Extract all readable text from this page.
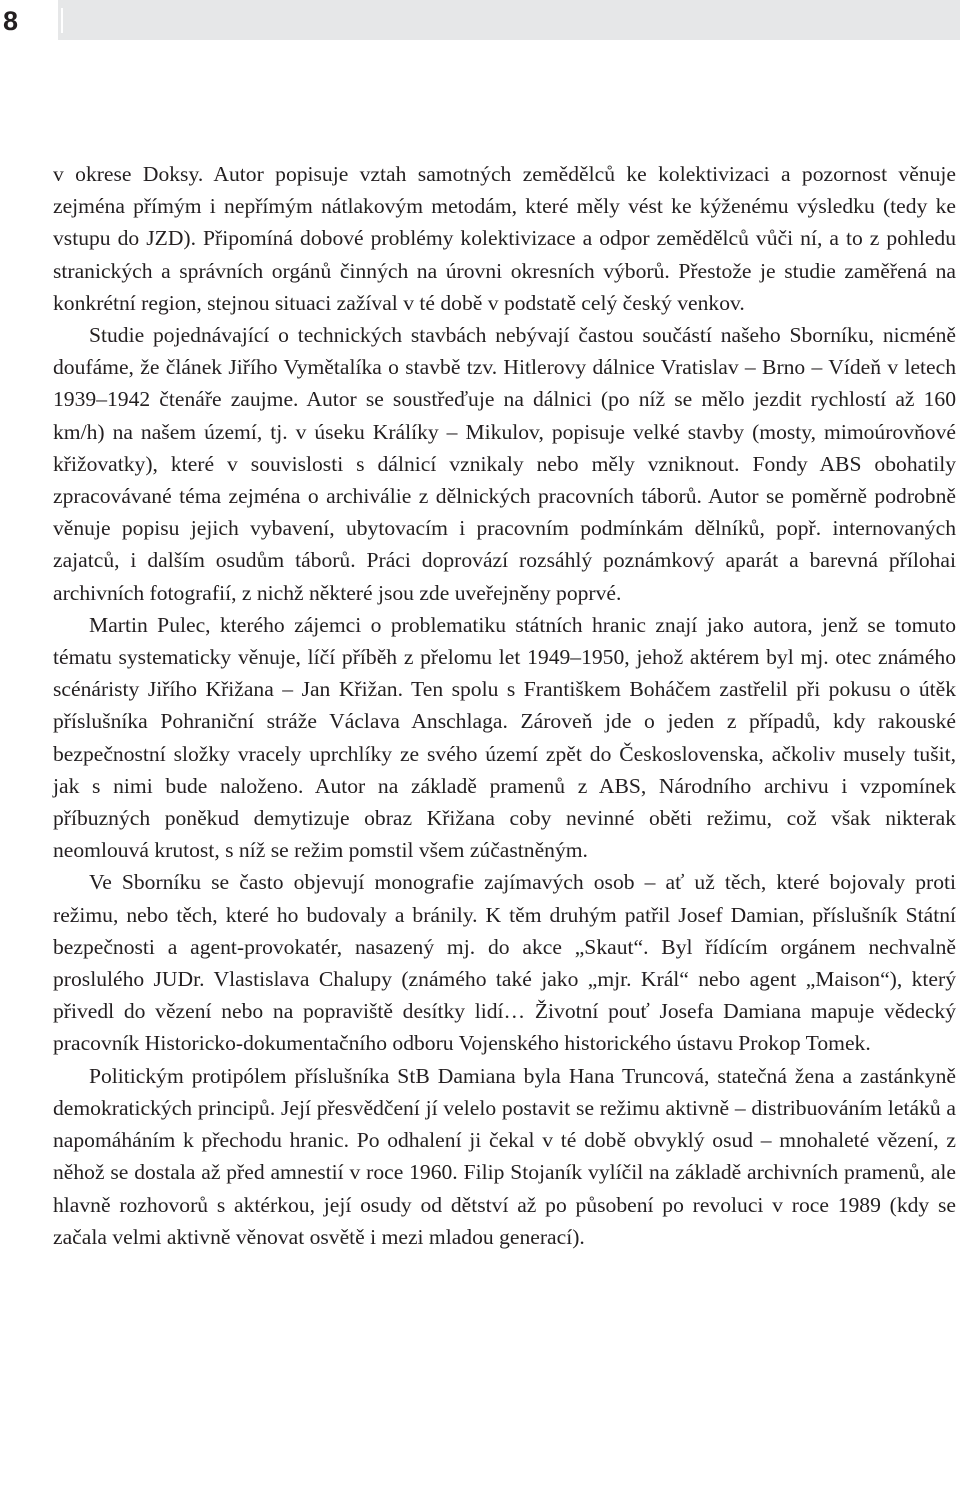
8

v okrese Doksy. Autor popisuje vztah samotných zemědělců ke kolektivizaci a pozornost věnuje zejména přímým i nepřímým nátlakovým metodám, které měly vést ke kýženému výsledku (tedy ke vstupu do JZD). Připomíná dobové problémy kolektivizace a odpor zemědělců vůči ní, a to z pohledu stranických a správních orgánů činných na úrovni okresních výborů. Přestože je studie zaměřená na konkrétní region, stejnou situaci zažíval v té době v podstatě celý český venkov.

Studie pojednávající o technických stavbách nebývají častou součástí našeho Sborníku, nicméně doufáme, že článek Jiřího Vymětalíka o stavbě tzv. Hitlerovy dálnice Vratislav – Brno – Vídeň v letech 1939–1942 čtenáře zaujme. Autor se soustřeďuje na dálnici (po níž se mělo jezdit rychlostí až 160 km/h) na našem území, tj. v úseku Králíky – Mikulov, popisuje velké stavby (mosty, mimoúrovňové křižovatky), které v souvislosti s dálnicí vznikaly nebo měly vzniknout. Fondy ABS obohatily zpracovávané téma zejména o archiválie z dělnických pracovních táborů. Autor se poměrně podrobně věnuje popisu jejich vybavení, ubytovacím i pracovním podmínkám dělníků, popř. internovaných zajatců, i dalším osudům táborů. Práci doprovází rozsáhlý poznámkový aparát a barevná přílohai archivních fotografií, z nichž některé jsou zde uveřejněny poprvé.

Martin Pulec, kterého zájemci o problematiku státních hranic znají jako autora, jenž se tomuto tématu systematicky věnuje, líčí příběh z přelomu let 1949–1950, jehož aktérem byl mj. otec známého scénáristy Jiřího Křižana – Jan Křižan. Ten spolu s Františkem Boháčem zastřelil při pokusu o útěk příslušníka Pohraniční stráže Václava Anschlaga. Zároveň jde o jeden z případů, kdy rakouské bezpečnostní složky vracely uprchlíky ze svého území zpět do Československa, ačkoliv musely tušit, jak s nimi bude naloženo. Autor na základě pramenů z ABS, Národního archivu i vzpomínek příbuzných poněkud demytizuje obraz Křižana coby nevinné oběti režimu, což však nikterak neomlouvá krutost, s níž se režim pomstil všem zúčastněným.

Ve Sborníku se často objevují monografie zajímavých osob – ať už těch, které bojovaly proti režimu, nebo těch, které ho budovaly a bránily. K těm druhým patřil Josef Damian, příslušník Státní bezpečnosti a agent-provokatér, nasazený mj. do akce „Skaut“. Byl řídícím orgánem nechvalně proslulého JUDr. Vlastislava Chalupy (známého také jako „mjr. Král“ nebo agent „Maison“), který přivedl do vězení nebo na popraviště desítky lidí… Životní pouť Josefa Damiana mapuje vědecký pracovník Historicko-dokumentačního odboru Vojenského historického ústavu Prokop Tomek.

Politickým protipólem příslušníka StB Damiana byla Hana Truncová, statečná žena a zastánkyně demokratických principů. Její přesvědčení jí velelo postavit se režimu aktivně – distribuováním letáků a napomáháním k přechodu hranic. Po odhalení ji čekal v té době obvyklý osud – mnohaleté vězení, z něhož se dostala až před amnestií v roce 1960. Filip Stojaník vylíčil na základě archivních pramenů, ale hlavně rozhovorů s aktérkou, její osudy od dětství až po působení po revoluci v roce 1989 (kdy se začala velmi aktivně věnovat osvětě i mezi mladou generací).
